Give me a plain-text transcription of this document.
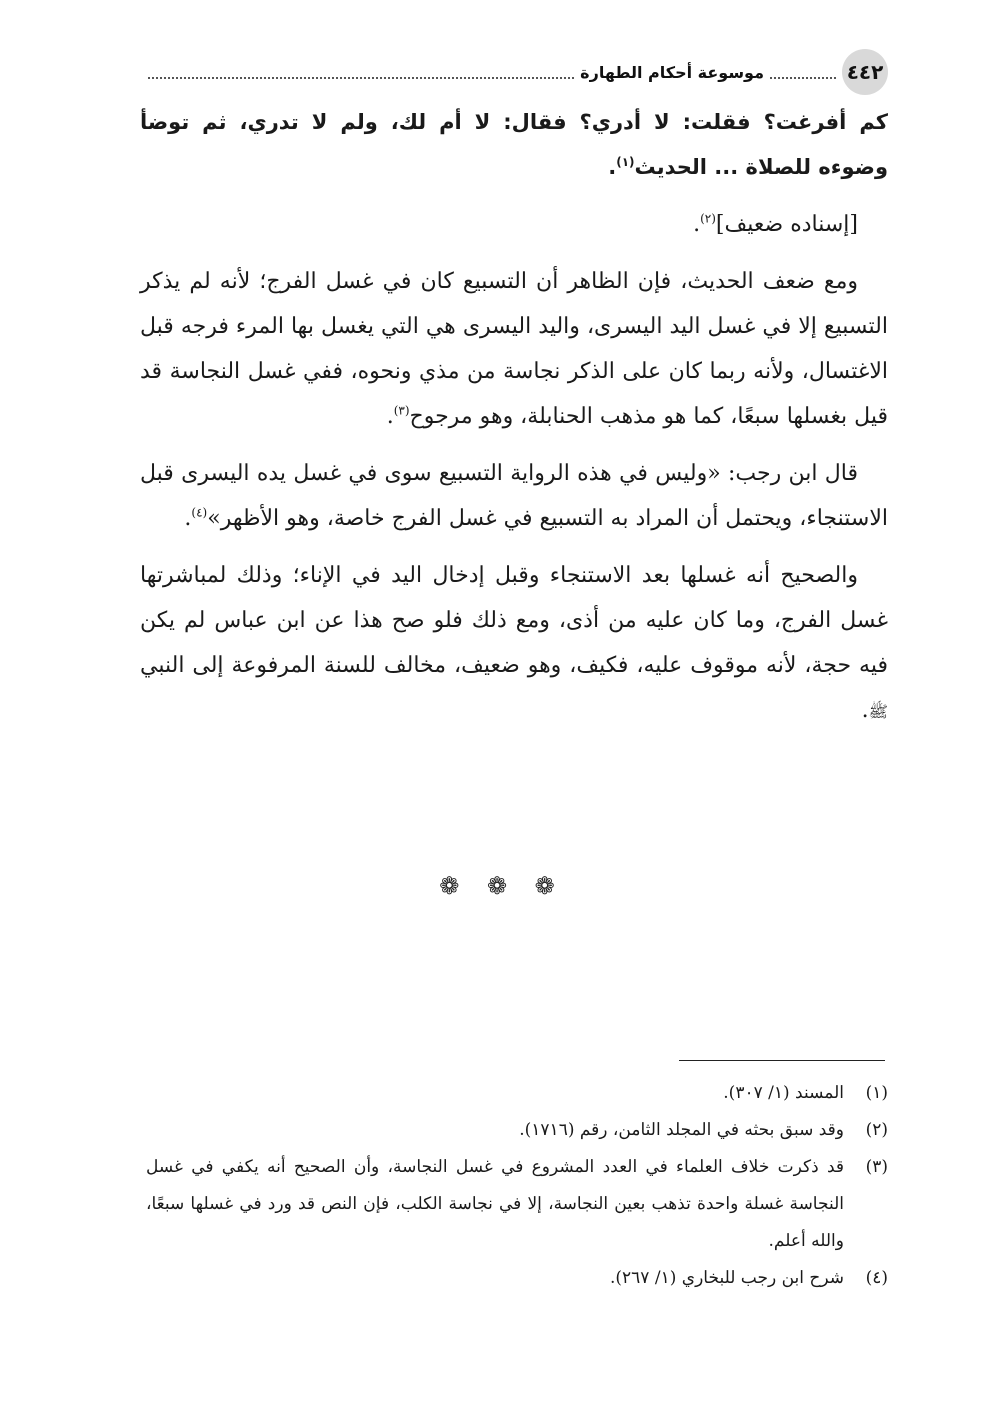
٤٤٢
موسوعة أحكام الطهارة

كم أفرغت؟ فقلت: لا أدري؟ فقال: لا أم لك، ولم لا تدري، ثم توضأ وضوءه للصلاة ... الحديث$^{(١)}$.

[إسناده ضعيف]$^{(٢)}$.

ومع ضعف الحديث، فإن الظاهر أن التسبيع كان في غسل الفرج؛ لأنه لم يذكر التسبيع إلا في غسل اليد اليسرى، واليد اليسرى هي التي يغسل بها المرء فرجه قبل الاغتسال، ولأنه ربما كان على الذكر نجاسة من مذي ونحوه، ففي غسل النجاسة قد قيل بغسلها سبعًا، كما هو مذهب الحنابلة، وهو مرجوح$^{(٣)}$.

قال ابن رجب: «وليس في هذه الرواية التسبيع سوى في غسل يده اليسرى قبل الاستنجاء، ويحتمل أن المراد به التسبيع في غسل الفرج خاصة، وهو الأظهر»$^{(٤)}$.

والصحيح أنه غسلها بعد الاستنجاء وقبل إدخال اليد في الإناء؛ وذلك لمباشرتها غسل الفرج، وما كان عليه من أذى، ومع ذلك فلو صح هذا عن ابن عباس لم يكن فيه حجة، لأنه موقوف عليه، فكيف، وهو ضعيف، مخالف للسنة المرفوعة إلى النبي ﷺ.

❁ ❁ ❁
(١)
المسند (١/ ٣٠٧).
(٢)
وقد سبق بحثه في المجلد الثامن، رقم (١٧١٦).
(٣)
قد ذكرت خلاف العلماء في العدد المشروع في غسل النجاسة، وأن الصحيح أنه يكفي في غسل النجاسة غسلة واحدة تذهب بعين النجاسة، إلا في نجاسة الكلب، فإن النص قد ورد في غسلها سبعًا، والله أعلم.
(٤)
شرح ابن رجب للبخاري (١/ ٢٦٧).
